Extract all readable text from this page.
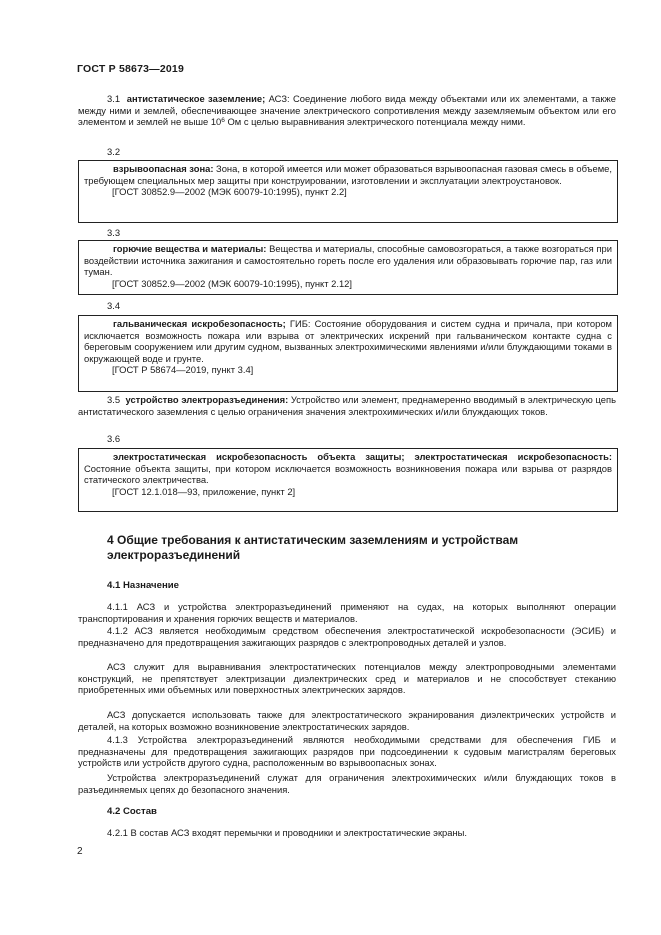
ГОСТ Р 58673—2019
3.1 антистатическое заземление; АСЗ: Соединение любого вида между объектами или их элементами, а также между ними и землей, обеспечивающее значение электрического сопротивления между заземляемым объектом или его элементом и землей не выше $10^6$ Ом с целью выравнивания электрического потенциала между ними.
3.2
взрывоопасная зона: Зона, в которой имеется или может образоваться взрывоопасная газовая смесь в объеме, требующем специальных мер защиты при конструировании, изготовлении и эксплуатации электроустановок.
[ГОСТ 30852.9—2002 (МЭК 60079-10:1995), пункт 2.2]
3.3
горючие вещества и материалы: Вещества и материалы, способные самовозгораться, а также возгораться при воздействии источника зажигания и самостоятельно гореть после его удаления или образовывать горючие пар, газ или туман.
[ГОСТ 30852.9—2002 (МЭК 60079-10:1995), пункт 2.12]
3.4
гальваническая искробезопасность; ГИБ: Состояние оборудования и систем судна и причала, при котором исключается возможность пожара или взрыва от электрических искрений при гальваническом контакте судна с береговым сооружением или другим судном, вызванных электрохимическими явлениями и/или блуждающими токами в окружающей воде и грунте.
[ГОСТ Р 58674—2019, пункт 3.4]
3.5 устройство электроразъединения: Устройство или элемент, преднамеренно вводимый в электрическую цепь антистатического заземления с целью ограничения значения электрохимических и/или блуждающих токов.
3.6
электростатическая искробезопасность объекта защиты; электростатическая искробезопасность: Состояние объекта защиты, при котором исключается возможность возникновения пожара или взрыва от разрядов статического электричества.
[ГОСТ 12.1.018—93, приложение, пункт 2]
4 Общие требования к антистатическим заземлениям и устройствам электроразъединений
4.1 Назначение
4.1.1 АСЗ и устройства электроразъединений применяют на судах, на которых выполняют операции транспортирования и хранения горючих веществ и материалов.
4.1.2 АСЗ является необходимым средством обеспечения электростатической искробезопасности (ЭСИБ) и предназначено для предотвращения зажигающих разрядов с электропроводных деталей и узлов.
АСЗ служит для выравнивания электростатических потенциалов между электропроводными элементами конструкций, не препятствует электризации диэлектрических сред и материалов и не способствует стеканию приобретенных ими объемных или поверхностных электрических зарядов.
АСЗ допускается использовать также для электростатического экранирования диэлектрических устройств и деталей, на которых возможно возникновение электростатических зарядов.
4.1.3 Устройства электроразъединений являются необходимыми средствами для обеспечения ГИБ и предназначены для предотвращения зажигающих разрядов при подсоединении к судовым магистралям береговых устройств или устройств другого судна, расположенным во взрывоопасных зонах.
Устройства электроразъединений служат для ограничения электрохимических и/или блуждающих токов в разъединяемых цепях до безопасного значения.
4.2 Состав
4.2.1 В состав АСЗ входят перемычки и проводники и электростатические экраны.
2
